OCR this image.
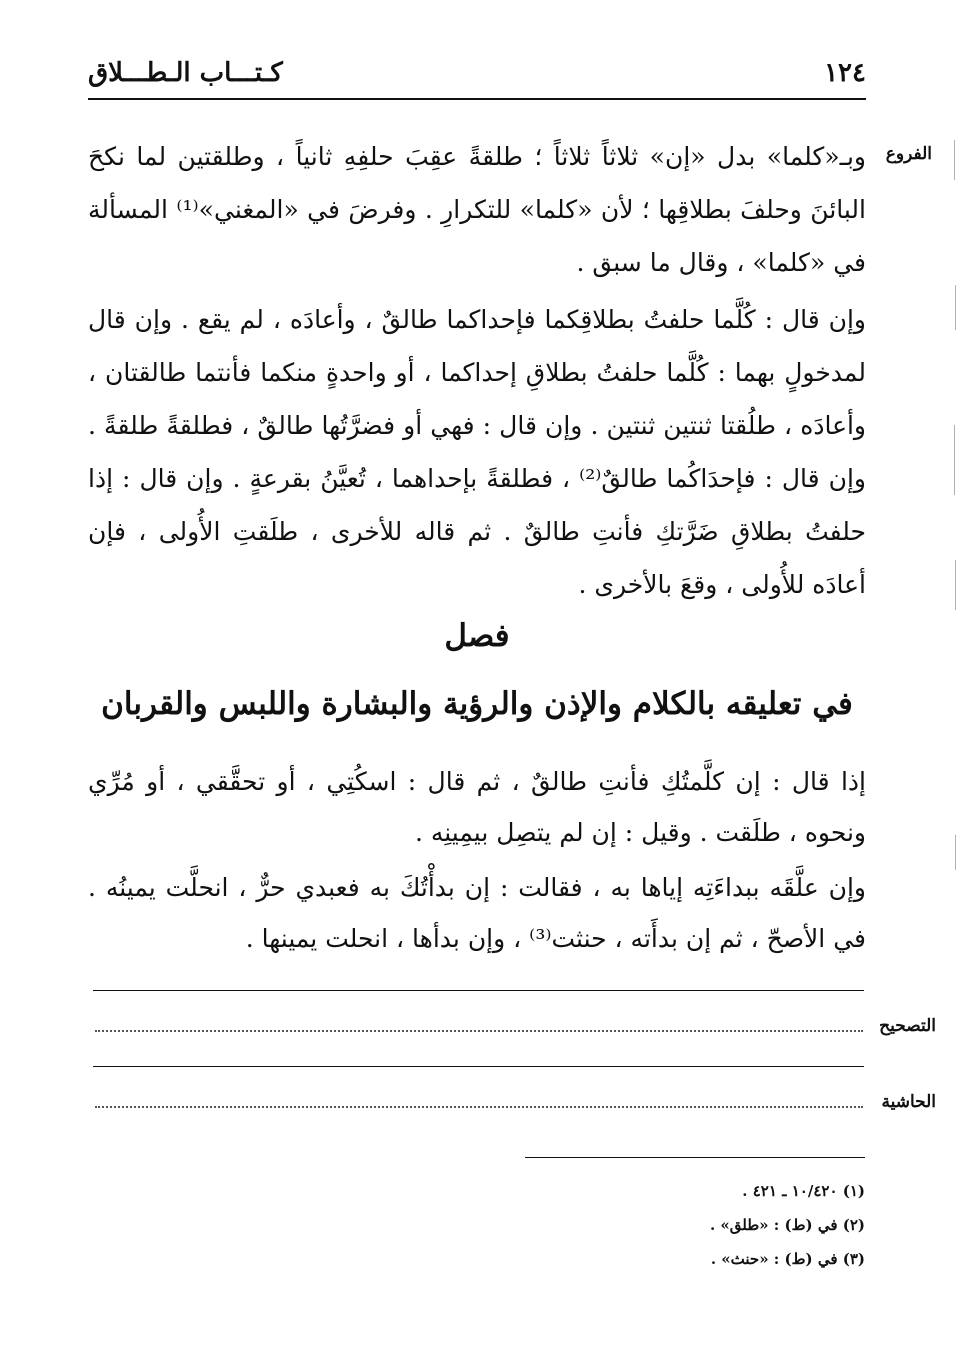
١٢٤
كـتـــاب الـطـــلاق
الفروع

وبـ«كلما» بدل «إن» ثلاثاً ثلاثاً ؛ طلقةً عقِبَ حلفِهِ ثانياً ، وطلقتين لما نكحَ البائنَ وحلفَ بطلاقِها ؛ لأن «كلما» للتكرارِ . وفرضَ في «المغني»⁽¹⁾ المسألة في «كلما» ، وقال ما سبق .

وإن قال : كُلَّما حلفتُ بطلاقِكما فإحداكما طالقٌ ، وأعادَه ، لم يقع . وإن قال لمدخولٍ بهما : كُلَّما حلفتُ بطلاقِ إحداكما ، أو واحدةٍ منكما فأنتما طالقتان ، وأعادَه ، طلُقتا ثنتين ثنتين . وإن قال : فهي أو فضرَّتُها طالقٌ ، فطلقةً طلقةً . وإن قال : فإحدَاكُما طالقٌ⁽²⁾ ، فطلقةً بإحداهما ، تُعيَّنُ بقرعةٍ . وإن قال : إذا حلفتُ بطلاقِ ضَرَّتكِ فأنتِ طالقٌ . ثم قاله للأخرى ، طلَقتِ الأُولى ، فإن أعادَه للأُولى ، وقعَ بالأخرى .

فصل
في تعليقه بالكلام والإذن والرؤية والبشارة واللبس والقربان

إذا قال : إن كلَّمتُكِ فأنتِ طالقٌ ، ثم قال : اسكُتِي ، أو تحقَّقي ، أو مُرِّي ونحوه ، طلَقت . وقيل : إن لم يتصِل بيمِينِه .

وإن علَّقَه ببداءَتِه إياها به ، فقالت : إن بدأْتُكَ به فعبدي حرٌّ ، انحلَّت يمينُه . في الأصحّ ، ثم إن بدأَته ، حنثت⁽³⁾ ، وإن بدأها ، انحلت يمينها .

التصحيح
الحاشية

(١) ١٠/٤٢٠ ـ ٤٢١ .

(٢) في (ط) : «طلق» .

(٣) في (ط) : «حنث» .
